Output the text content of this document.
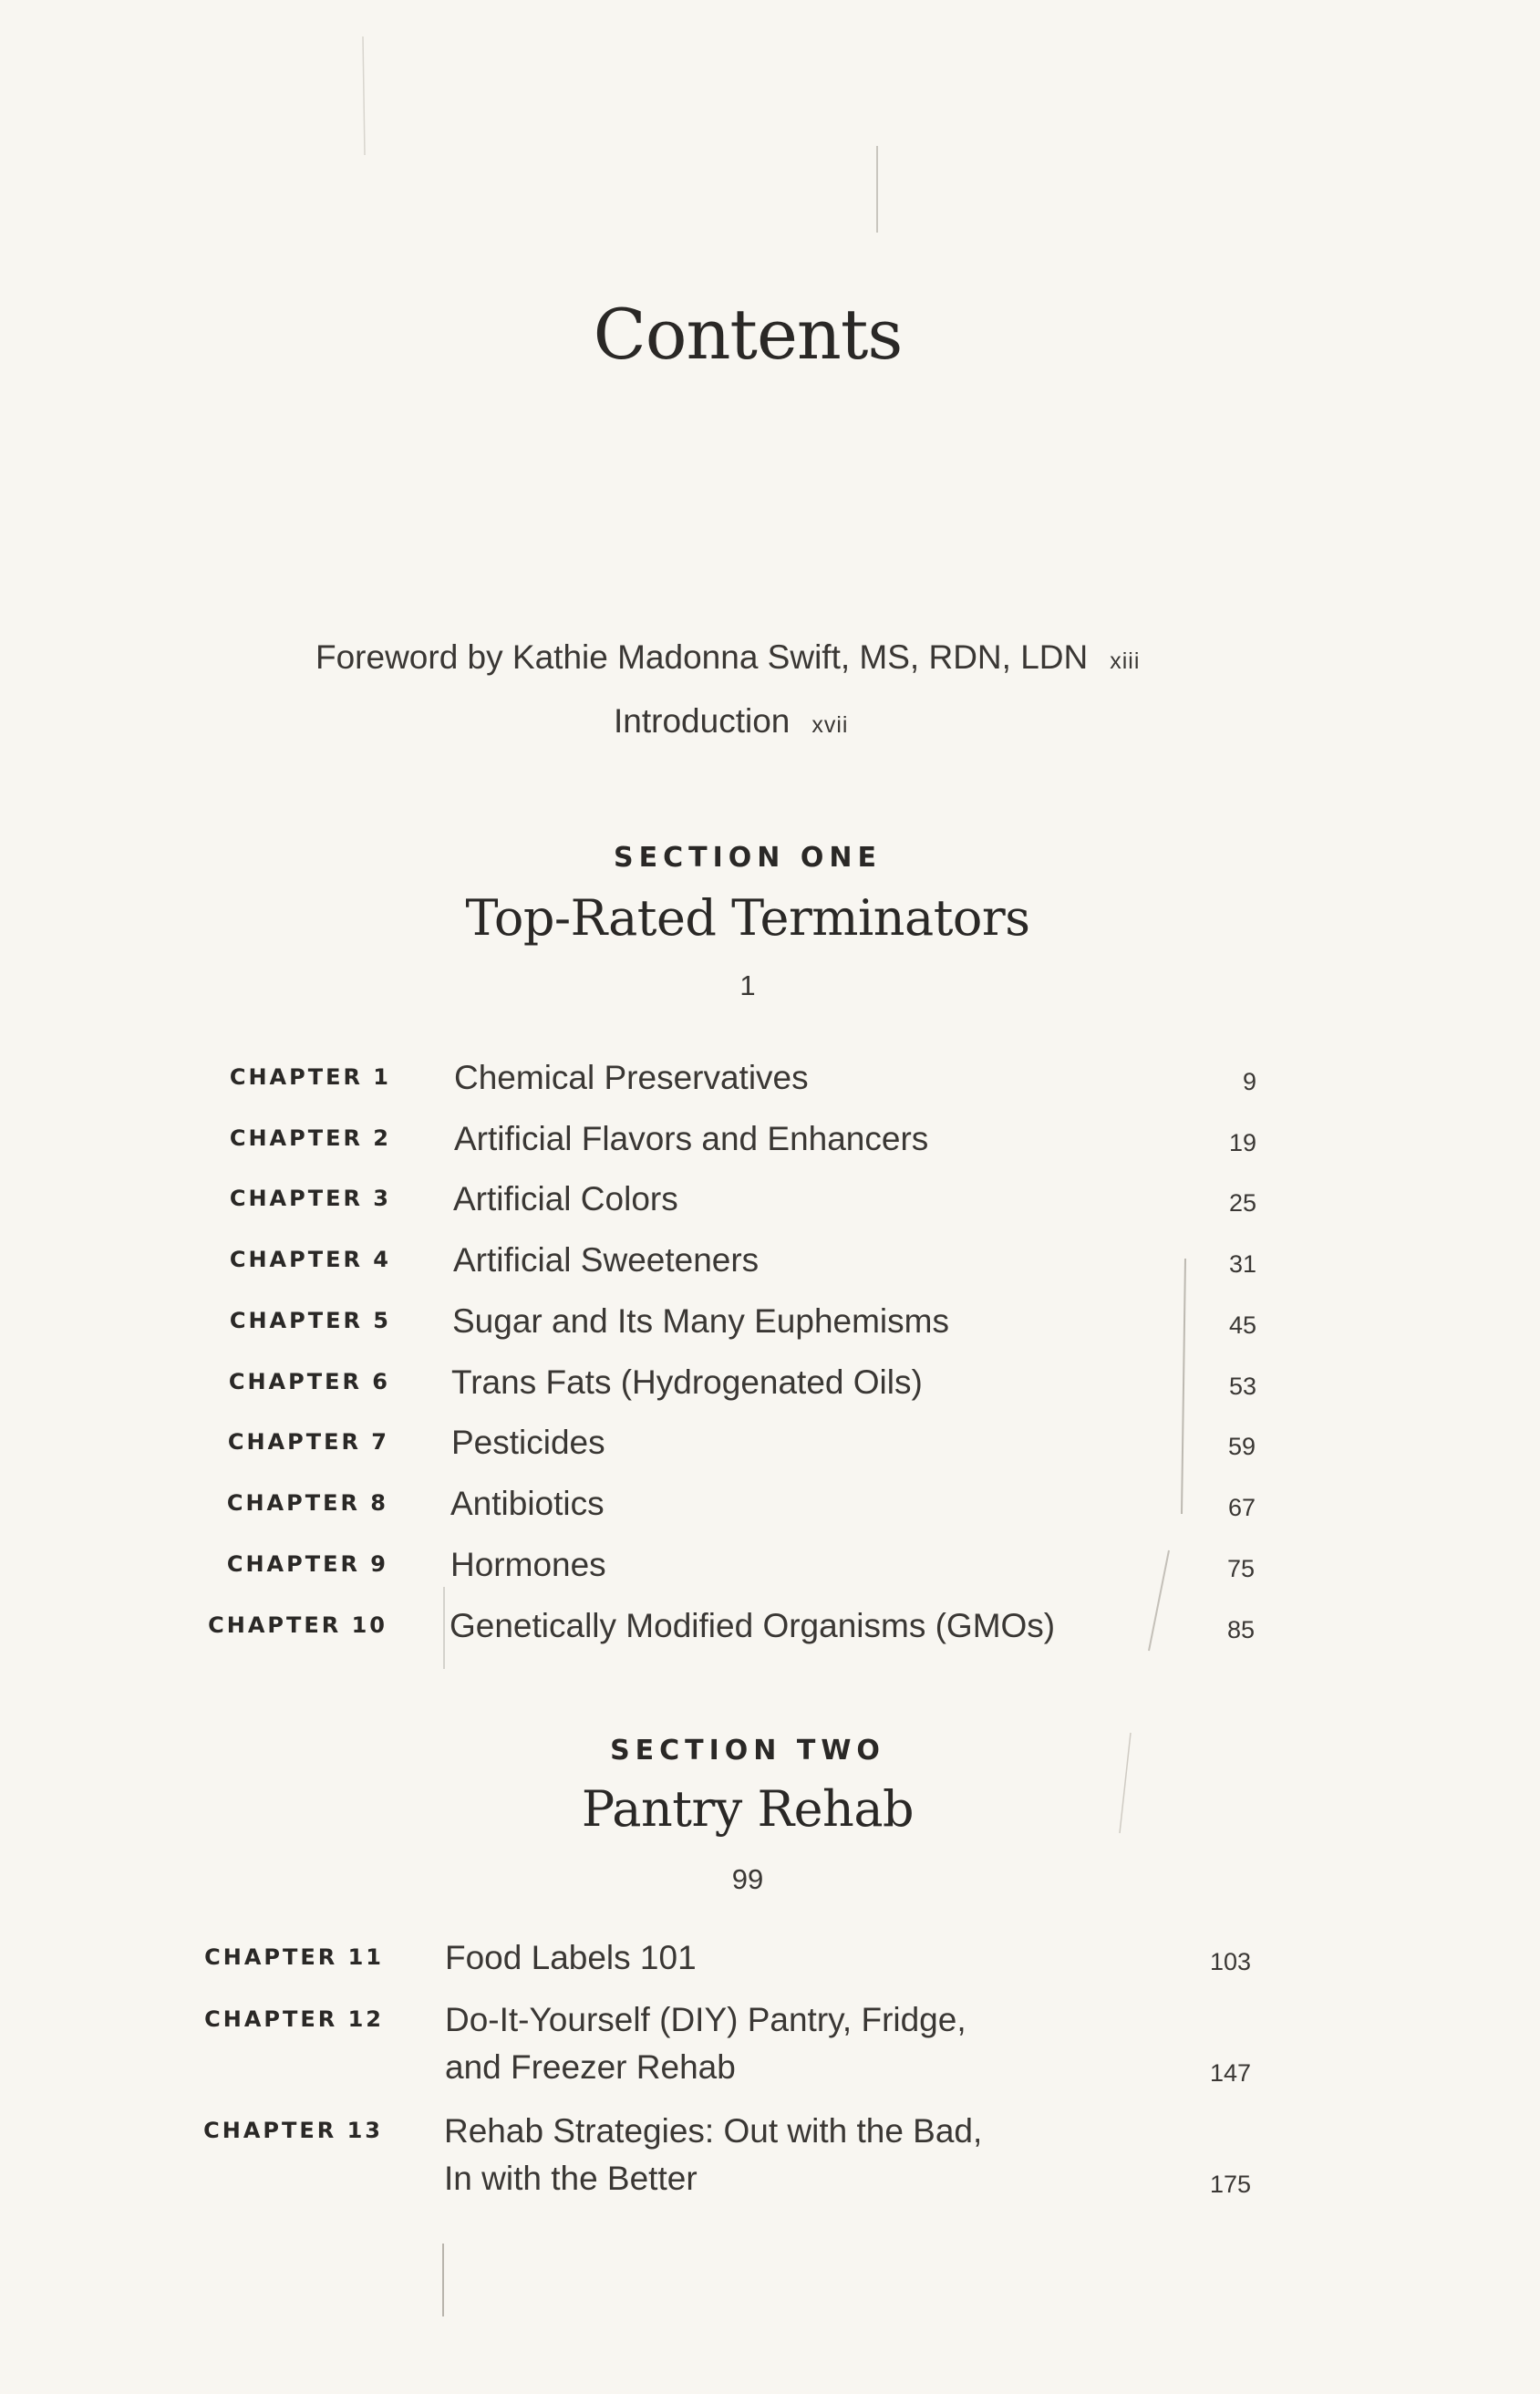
Contents
Foreword by Kathie Madonna Swift, MS, RDN, LDN xiii
Introduction xvii
SECTION ONE
Top-Rated Terminators
1
CHAPTER 1 Chemical Preservatives	9
CHAPTER 2 Artificial Flavors and Enhancers	19
CHAPTER 3 Artificial Colors	25
CHAPTER 4 Artificial Sweeteners	31
CHAPTER 5 Sugar and Its Many Euphemisms	45
CHAPTER 6 Trans Fats (Hydrogenated Oils)	53
CHAPTER 7 Pesticides	59
CHAPTER 8 Antibiotics	67
CHAPTER 9 Hormones	75
CHAPTER 10 Genetically Modified Organisms (GMOs)	85
SECTION TWO
Pantry Rehab
99
CHAPTER 11 Food Labels 101	103
CHAPTER 12 Do-It-Yourself (DIY) Pantry, Fridge,
and Freezer Rehab	147
CHAPTER 13 Rehab Strategies: Out with the Bad,
In with the Better	175
